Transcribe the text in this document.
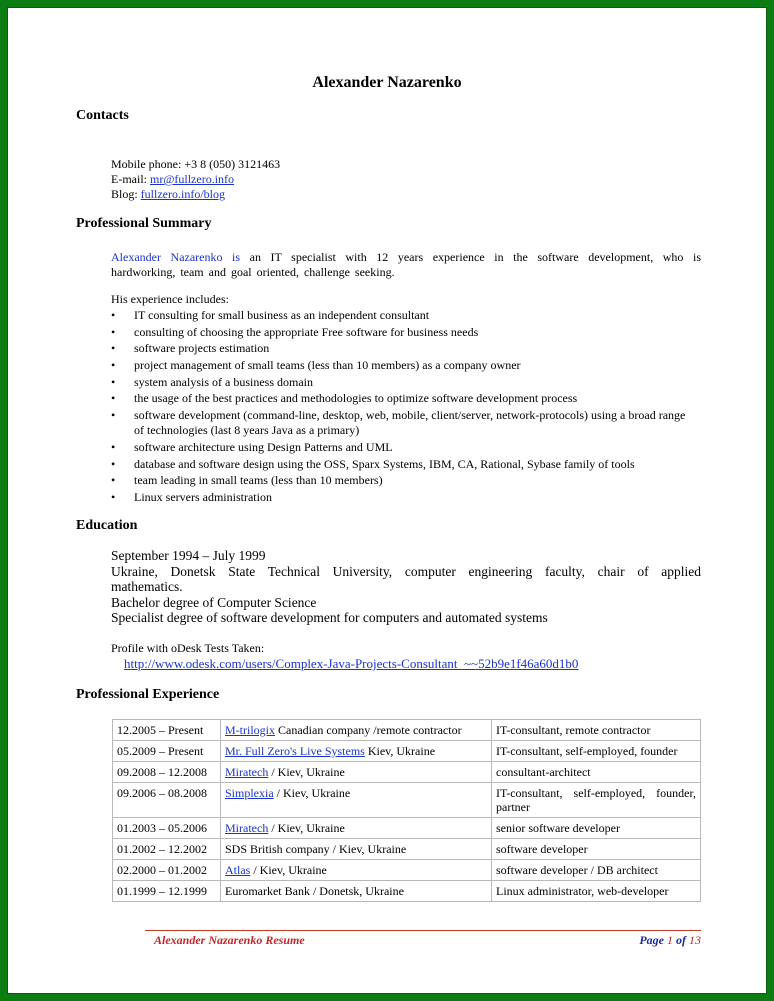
Alexander Nazarenko
Contacts
Mobile phone: +3 8 (050) 3121463
E-mail: mr@fullzero.info
Blog: fullzero.info/blog
Professional Summary
Alexander Nazarenko is an IT specialist with 12 years experience in the software development, who is hardworking, team and goal oriented, challenge seeking.
His experience includes:
• IT consulting for small business as an independent consultant
• consulting of choosing the appropriate Free software for business needs
• software projects estimation
• project management of small teams (less than 10 members) as a company owner
• system analysis of a business domain
• the usage of the best practices and methodologies to optimize software development process
• software development (command-line, desktop, web, mobile, client/server, network-protocols) using a broad range of technologies (last 8 years Java as a primary)
• software architecture using Design Patterns and UML
• database and software design using the OSS, Sparx Systems, IBM, CA, Rational, Sybase family of tools
• team leading in small teams (less than 10 members)
• Linux servers administration
Education
September 1994 – July 1999
Ukraine, Donetsk State Technical University, computer engineering faculty, chair of applied mathematics.
Bachelor degree of Computer Science
Specialist degree of software development for computers and automated systems
Profile with oDesk Tests Taken:
http://www.odesk.com/users/Complex-Java-Projects-Consultant_~~52b9e1f46a60d1b0
Professional Experience
12.2005 – Present	M-trilogix Canadian company /remote contractor	IT-consultant, remote contractor
05.2009 – Present	Mr. Full Zero's Live Systems Kiev, Ukraine	IT-consultant, self-employed, founder
09.2008 – 12.2008	Miratech / Kiev, Ukraine	consultant-architect
09.2006 – 08.2008	Simplexia / Kiev, Ukraine	IT-consultant, self-employed, founder, partner
01.2003 – 05.2006	Miratech / Kiev, Ukraine	senior software developer
01.2002 – 12.2002	SDS British company / Kiev, Ukraine	software developer
02.2000 – 01.2002	Atlas / Kiev, Ukraine	software developer / DB architect
01.1999 – 12.1999	Euromarket Bank / Donetsk, Ukraine	Linux administrator, web-developer
Alexander Nazarenko Resume	Page 1 of 13
